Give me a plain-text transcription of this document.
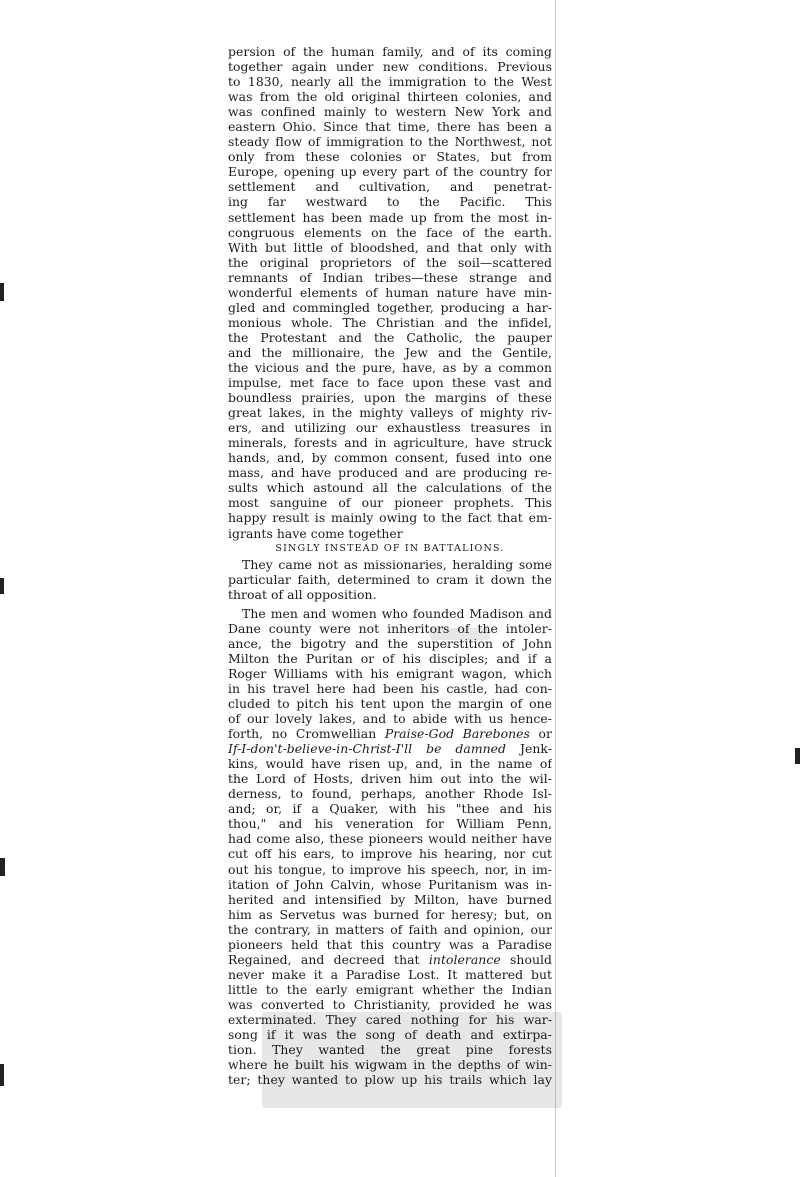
persion of the human family, and of its coming
together again under new conditions. Previous
to 1830, nearly all the immigration to the West
was from the old original thirteen colonies, and
was confined mainly to western New York and
eastern Ohio. Since that time, there has been a
steady flow of immigration to the Northwest, not
only from these colonies or States, but from
Europe, opening up every part of the country for
settlement and cultivation, and penetrat-
ing far westward to the Pacific. This
settlement has been made up from the most in-
congruous elements on the face of the earth.
With but little of bloodshed, and that only with
the original proprietors of the soil—scattered
remnants of Indian tribes—these strange and
wonderful elements of human nature have min-
gled and commingled together, producing a har-
monious whole. The Christian and the infidel,
the Protestant and the Catholic, the pauper
and the millionaire, the Jew and the Gentile,
the vicious and the pure, have, as by a common
impulse, met face to face upon these vast and
boundless prairies, upon the margins of these
great lakes, in the mighty valleys of mighty riv-
ers, and utilizing our exhaustless treasures in
minerals, forests and in agriculture, have struck
hands, and, by common consent, fused into one
mass, and have produced and are producing re-
sults which astound all the calculations of the
most sanguine of our pioneer prophets. This
happy result is mainly owing to the fact that em-
igrants have come together
SINGLY INSTEAD OF IN BATTALIONS.
They came not as missionaries, heralding some
particular faith, determined to cram it down the
throat of all opposition.
The men and women who founded Madison and
Dane county were not inheritors of the intoler-
ance, the bigotry and the superstition of John
Milton the Puritan or of his disciples; and if a
Roger Williams with his emigrant wagon, which
in his travel here had been his castle, had con-
cluded to pitch his tent upon the margin of one
of our lovely lakes, and to abide with us hence-
forth, no Cromwellian Praise-God Barebones or
If-I-don't-believe-in-Christ-I'll be damned Jenk-
kins, would have risen up, and, in the name of
the Lord of Hosts, driven him out into the wil-
derness, to found, perhaps, another Rhode Isl-
and; or, if a Quaker, with his "thee and his
thou," and his veneration for William Penn,
had come also, these pioneers would neither have
cut off his ears, to improve his hearing, nor cut
out his tongue, to improve his speech, nor, in im-
itation of John Calvin, whose Puritanism was in-
herited and intensified by Milton, have burned
him as Servetus was burned for heresy; but, on
the contrary, in matters of faith and opinion, our
pioneers held that this country was a Paradise
Regained, and decreed that intolerance should
never make it a Paradise Lost. It mattered but
little to the early emigrant whether the Indian
was converted to Christianity, provided he was
exterminated. They cared nothing for his war-
song if it was the song of death and extirpa-
tion. They wanted the great pine forests
where he built his wigwam in the depths of win-
ter; they wanted to plow up his trails which lay
